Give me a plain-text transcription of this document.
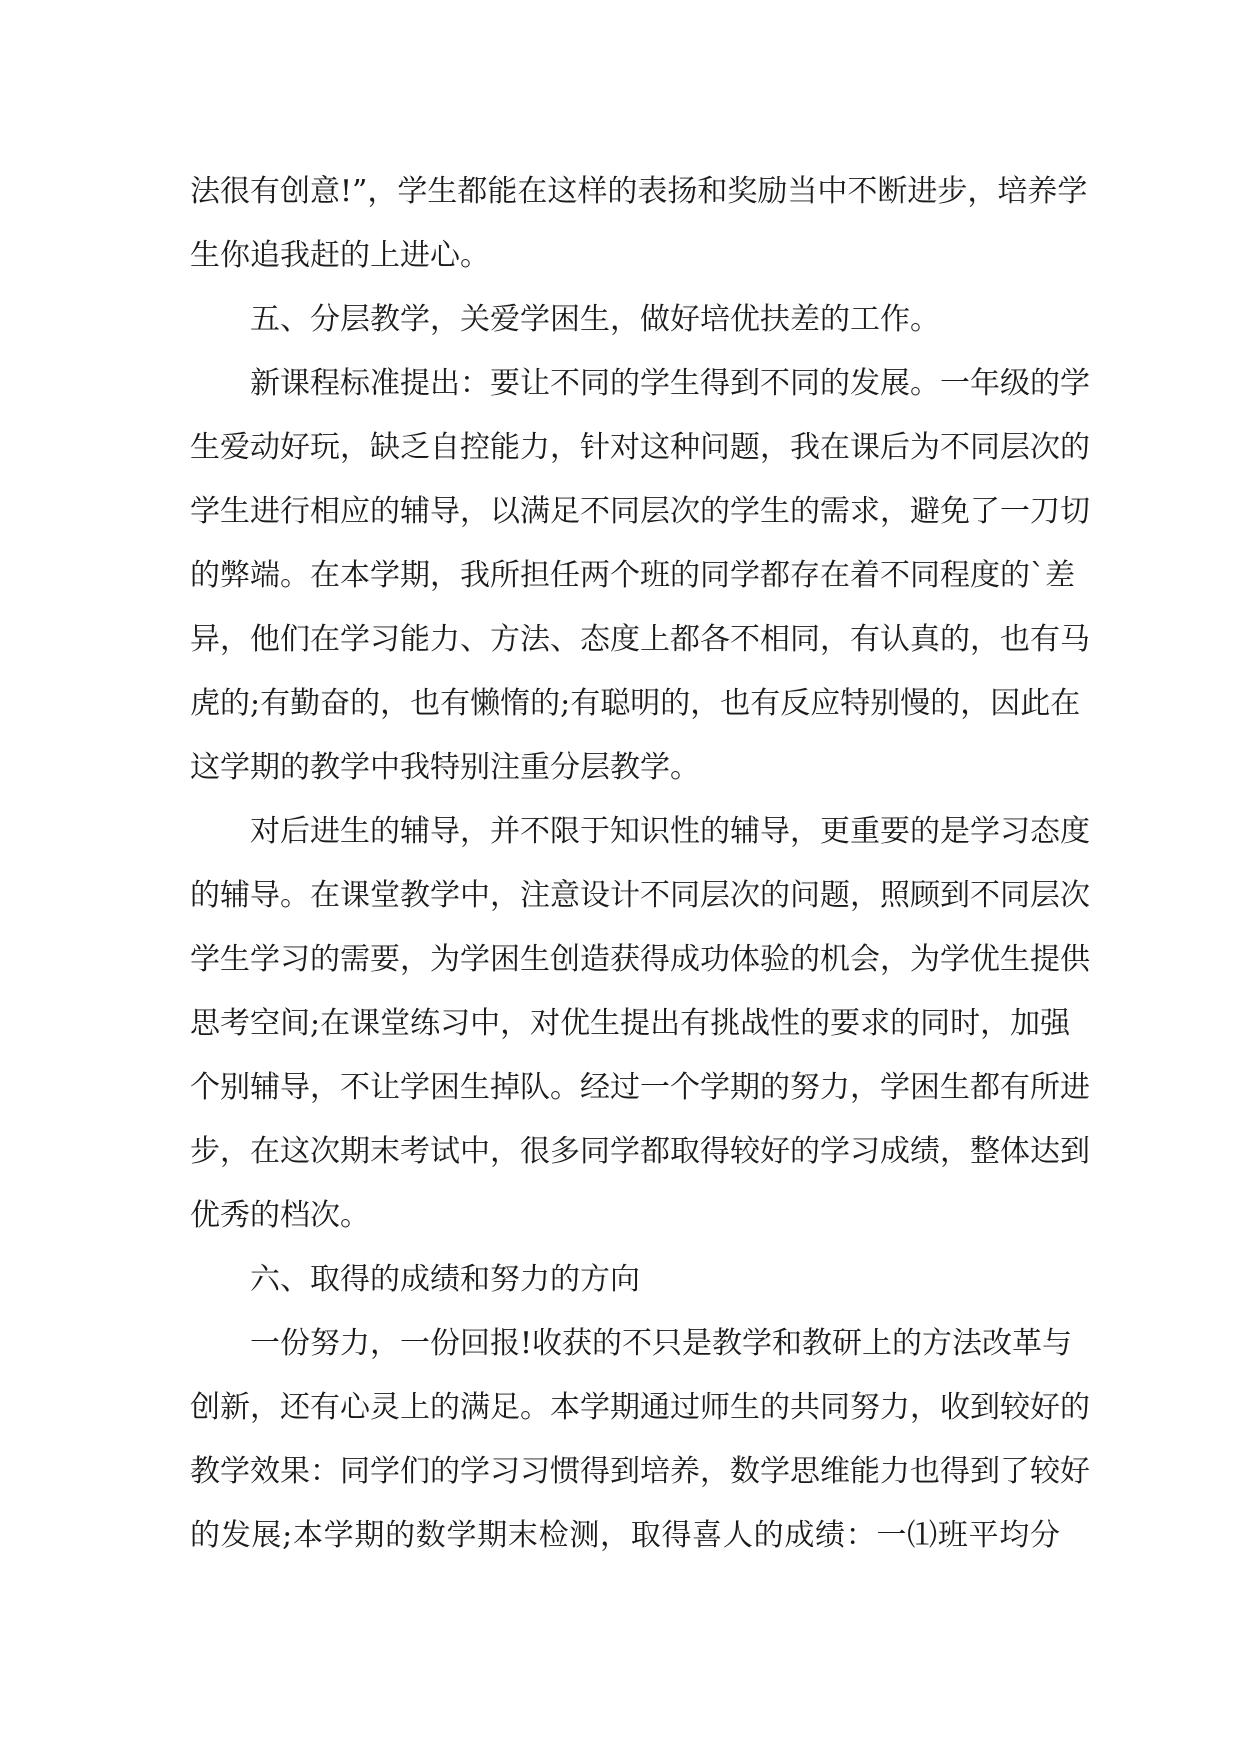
法很有创意!”，学生都能在这样的表扬和奖励当中不断进步，培养学

生你追我赶的上进心。

五、分层教学，关爱学困生，做好培优扶差的工作。

新课程标准提出：要让不同的学生得到不同的发展。一年级的学

生爱动好玩，缺乏自控能力，针对这种问题，我在课后为不同层次的

学生进行相应的辅导，以满足不同层次的学生的需求，避免了一刀切

的弊端。在本学期，我所担任两个班的同学都存在着不同程度的`差

异，他们在学习能力、方法、态度上都各不相同，有认真的，也有马

虎的;有勤奋的，也有懒惰的;有聪明的，也有反应特别慢的，因此在

这学期的教学中我特别注重分层教学。

对后进生的辅导，并不限于知识性的辅导，更重要的是学习态度

的辅导。在课堂教学中，注意设计不同层次的问题，照顾到不同层次

学生学习的需要，为学困生创造获得成功体验的机会，为学优生提供

思考空间;在课堂练习中，对优生提出有挑战性的要求的同时，加强

个别辅导，不让学困生掉队。经过一个学期的努力，学困生都有所进

步，在这次期末考试中，很多同学都取得较好的学习成绩，整体达到

优秀的档次。

六、取得的成绩和努力的方向

一份努力，一份回报!收获的不只是教学和教研上的方法改革与

创新，还有心灵上的满足。本学期通过师生的共同努力，收到较好的

教学效果：同学们的学习习惯得到培养，数学思维能力也得到了较好

的发展;本学期的数学期末检测，取得喜人的成绩：一⑴班平均分
